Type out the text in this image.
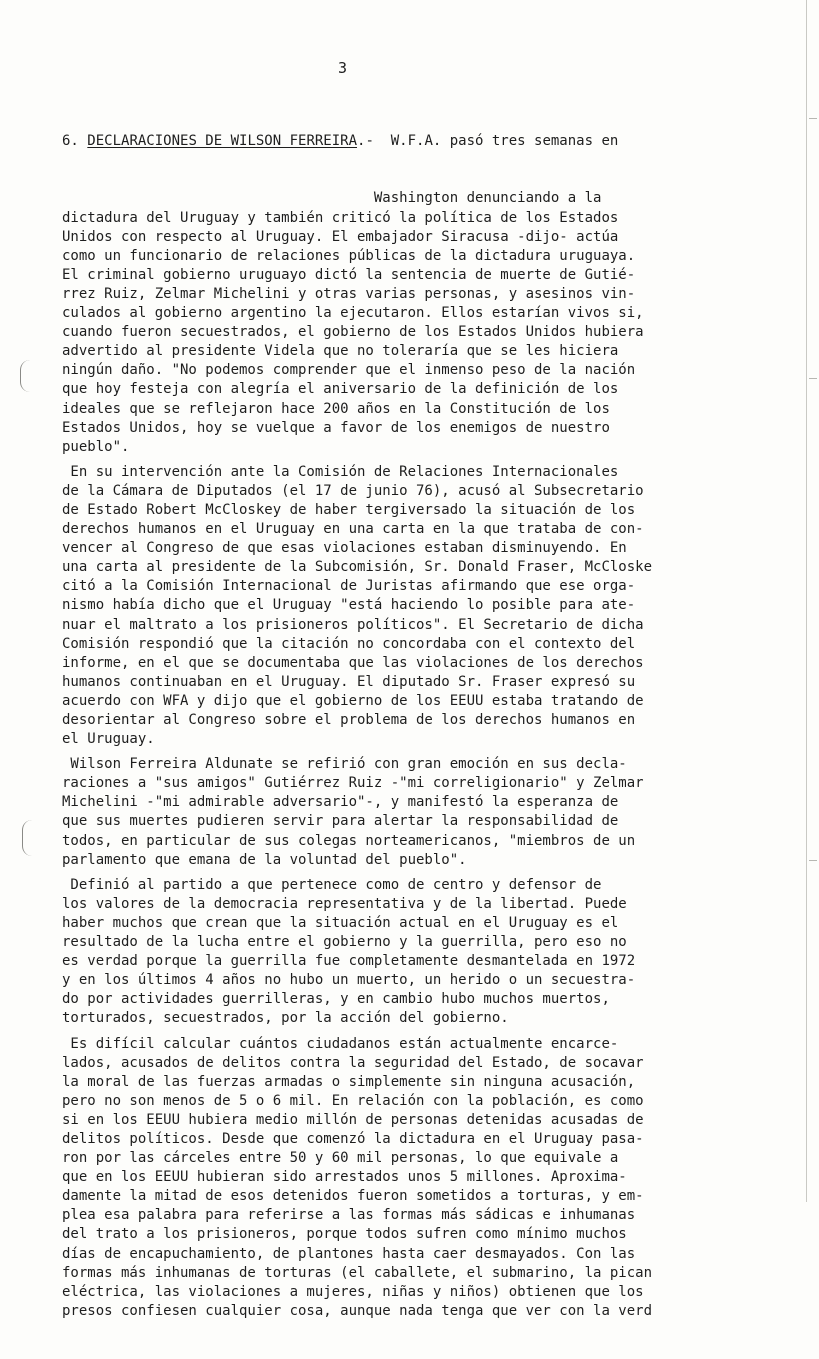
3

6. DECLARACIONES DE WILSON FERREIRA.-  W.F.A. pasó tres semanas en

Washington denunciando a la
dictadura del Uruguay y también criticó la política de los Estados
Unidos con respecto al Uruguay. El embajador Siracusa -dijo- actúa
como un funcionario de relaciones públicas de la dictadura uruguaya.
El criminal gobierno uruguayo dictó la sentencia de muerte de Gutié-
rrez Ruiz, Zelmar Michelini y otras varias personas, y asesinos vin-
culados al gobierno argentino la ejecutaron. Ellos estarían vivos si,
cuando fueron secuestrados, el gobierno de los Estados Unidos hubiera
advertido al presidente Videla que no toleraría que se les hiciera
ningún daño. "No podemos comprender que el inmenso peso de la nación
que hoy festeja con alegría el aniversario de la definición de los
ideales que se reflejaron hace 200 años en la Constitución de los
Estados Unidos, hoy se vuelque a favor de los enemigos de nuestro
pueblo".
En su intervención ante la Comisión de Relaciones Internacionales
de la Cámara de Diputados (el 17 de junio 76), acusó al Subsecretario
de Estado Robert McCloskey de haber tergiversado la situación de los
derechos humanos en el Uruguay en una carta en la que trataba de con-
vencer al Congreso de que esas violaciones estaban disminuyendo. En
una carta al presidente de la Subcomisión, Sr. Donald Fraser, McCloske
citó a la Comisión Internacional de Juristas afirmando que ese orga-
nismo había dicho que el Uruguay "está haciendo lo posible para ate-
nuar el maltrato a los prisioneros políticos". El Secretario de dicha
Comisión respondió que la citación no concordaba con el contexto del
informe, en el que se documentaba que las violaciones de los derechos
humanos continuaban en el Uruguay. El diputado Sr. Fraser expresó su
acuerdo con WFA y dijo que el gobierno de los EEUU estaba tratando de
desorientar al Congreso sobre el problema de los derechos humanos en
el Uruguay.
Wilson Ferreira Aldunate se refirió con gran emoción en sus decla-
raciones a "sus amigos" Gutiérrez Ruiz -"mi correligionario" y Zelmar
Michelini -"mi admirable adversario"-, y manifestó la esperanza de
que sus muertes pudieren servir para alertar la responsabilidad de
todos, en particular de sus colegas norteamericanos, "miembros de un
parlamento que emana de la voluntad del pueblo".
Definió al partido a que pertenece como de centro y defensor de
los valores de la democracia representativa y de la libertad. Puede
haber muchos que crean que la situación actual en el Uruguay es el
resultado de la lucha entre el gobierno y la guerrilla, pero eso no
es verdad porque la guerrilla fue completamente desmantelada en 1972
y en los últimos 4 años no hubo un muerto, un herido o un secuestra-
do por actividades guerrilleras, y en cambio hubo muchos muertos,
torturados, secuestrados, por la acción del gobierno.
Es difícil calcular cuántos ciudadanos están actualmente encarce-
lados, acusados de delitos contra la seguridad del Estado, de socavar
la moral de las fuerzas armadas o simplemente sin ninguna acusación,
pero no son menos de 5 o 6 mil. En relación con la población, es como
si en los EEUU hubiera medio millón de personas detenidas acusadas de
delitos políticos. Desde que comenzó la dictadura en el Uruguay pasa-
ron por las cárceles entre 50 y 60 mil personas, lo que equivale a
que en los EEUU hubieran sido arrestados unos 5 millones. Aproxima-
damente la mitad de esos detenidos fueron sometidos a torturas, y em-
plea esa palabra para referirse a las formas más sádicas e inhumanas
del trato a los prisioneros, porque todos sufren como mínimo muchos
días de encapuchamiento, de plantones hasta caer desmayados. Con las
formas más inhumanas de torturas (el caballete, el submarino, la pican
eléctrica, las violaciones a mujeres, niñas y niños) obtienen que los
presos confiesen cualquier cosa, aunque nada tenga que ver con la verd
